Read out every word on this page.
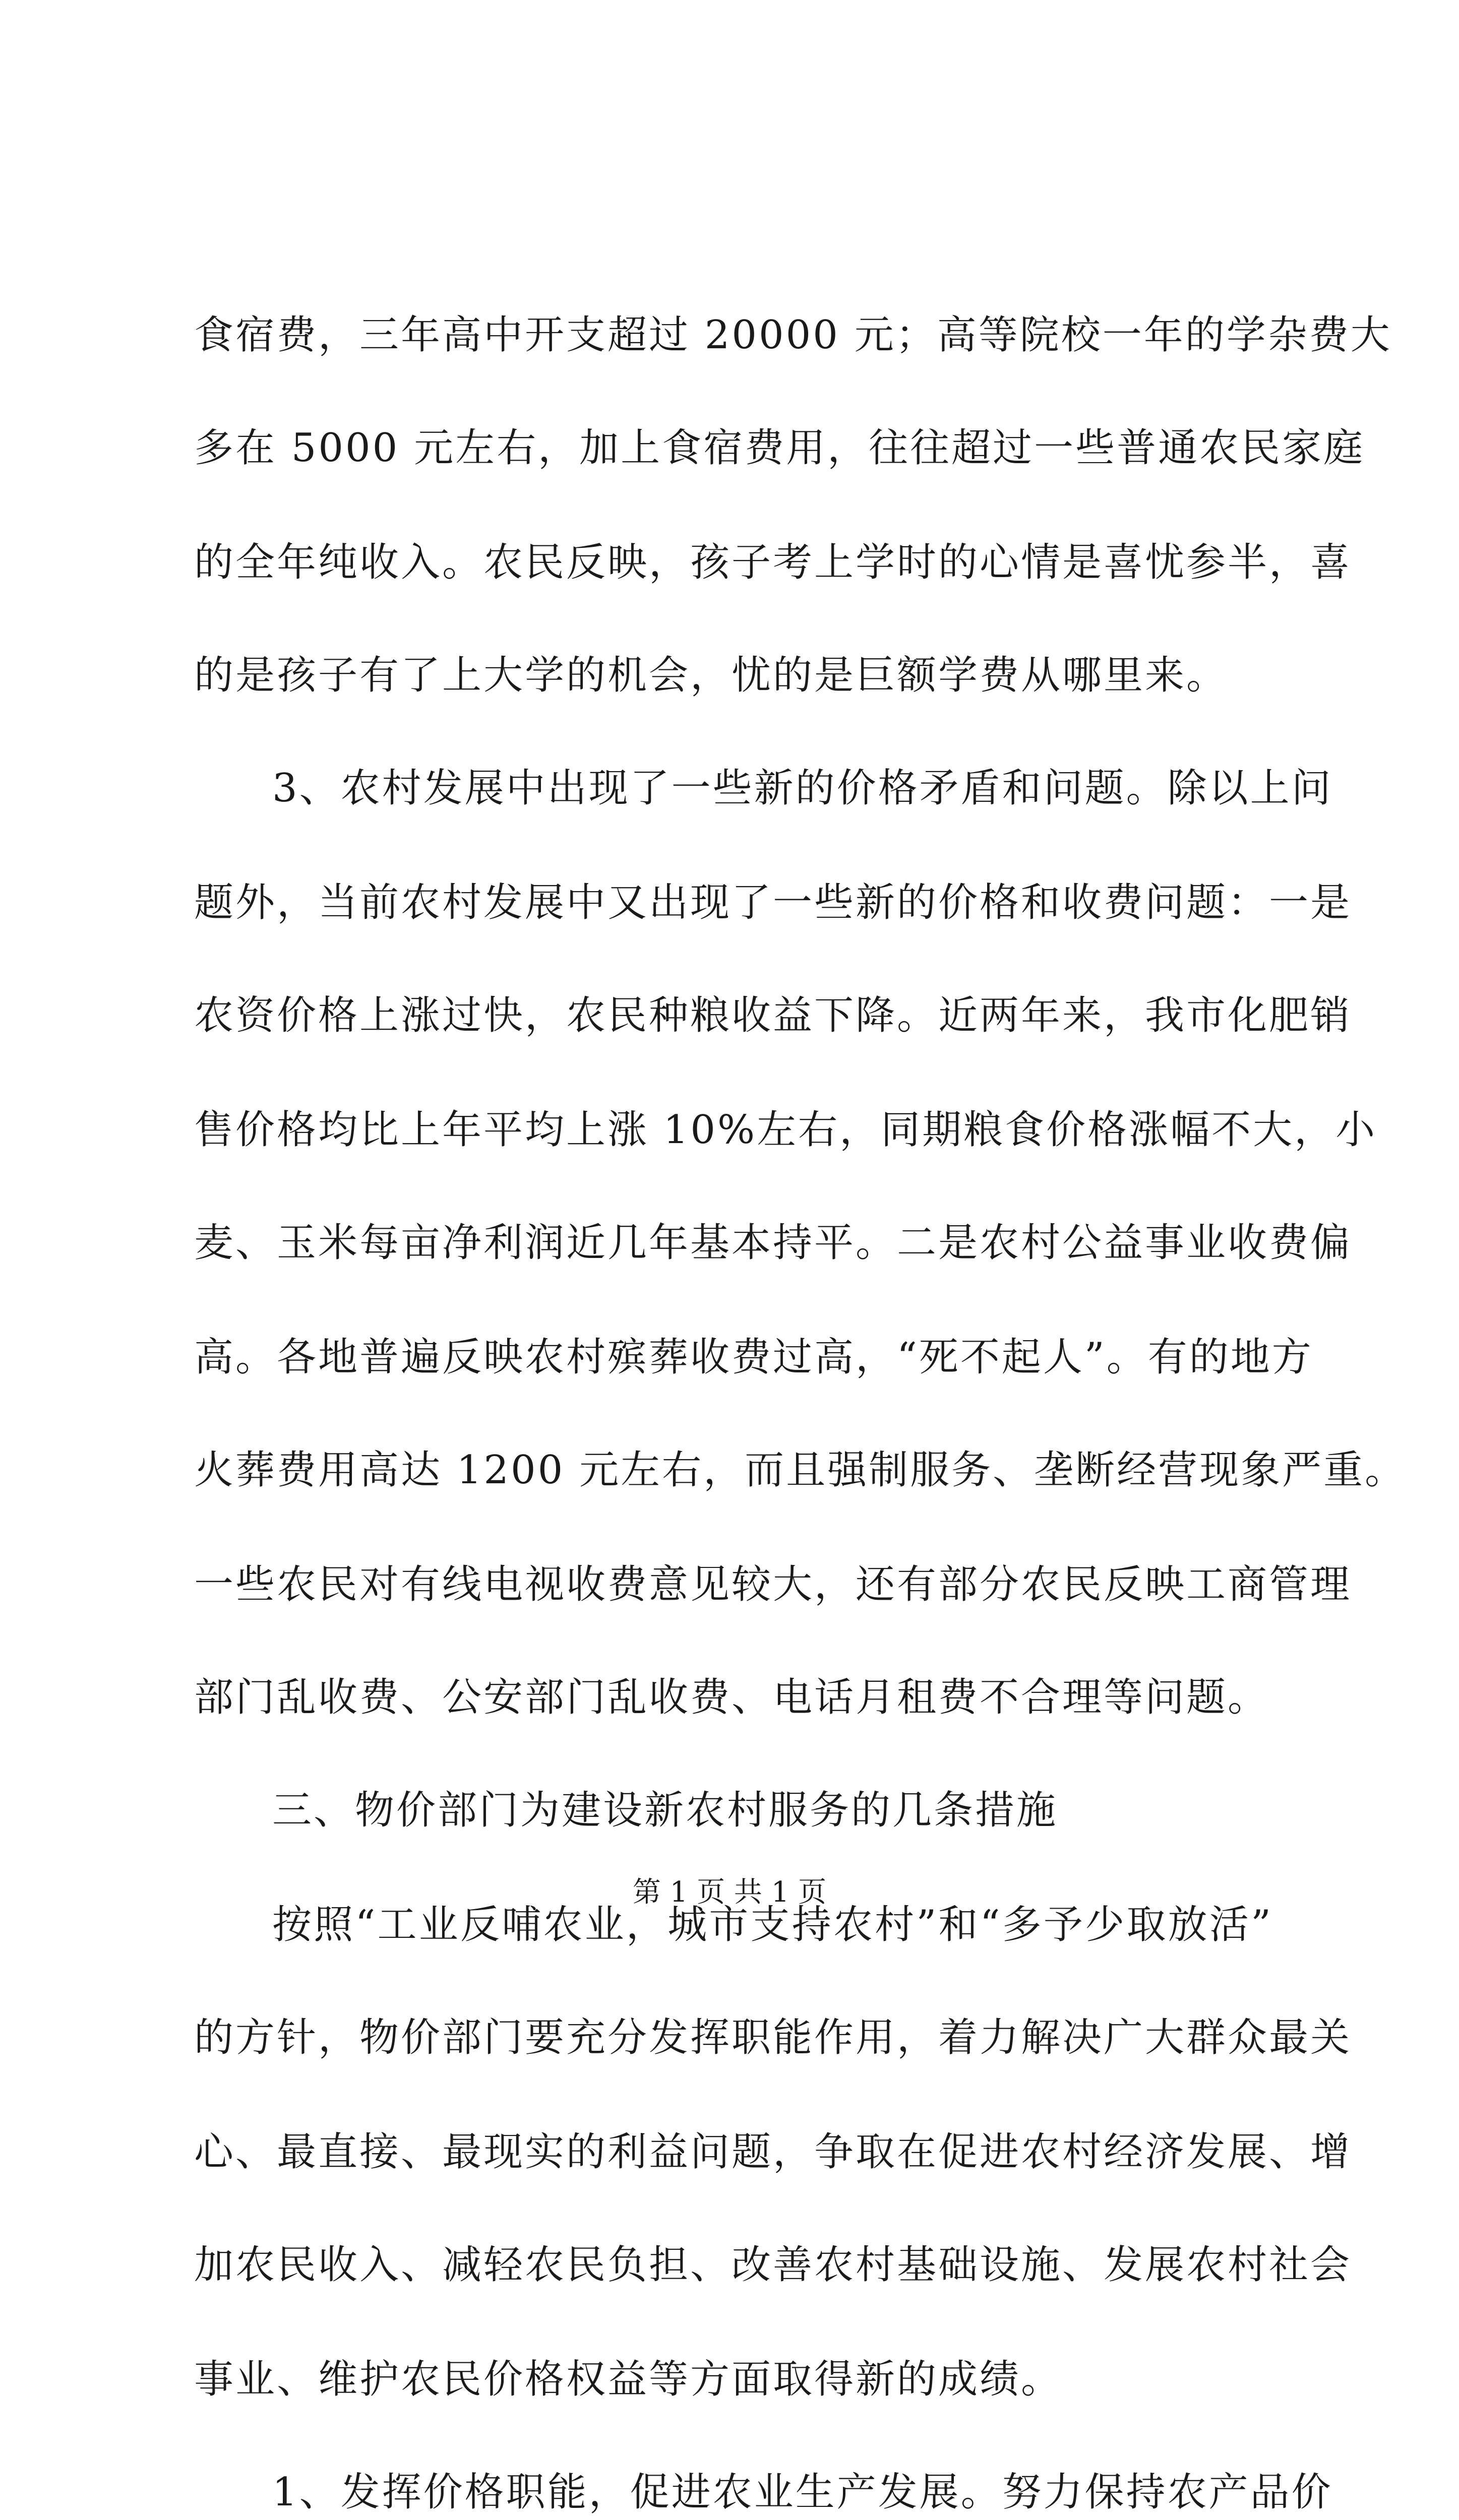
食宿费，三年高中开支超过 20000 元；高等院校一年的学杂费大
多在 5000 元左右，加上食宿费用，往往超过一些普通农民家庭
的全年纯收入。农民反映，孩子考上学时的心情是喜忧参半，喜
的是孩子有了上大学的机会，忧的是巨额学费从哪里来。
3、农村发展中出现了一些新的价格矛盾和问题。除以上问
题外，当前农村发展中又出现了一些新的价格和收费问题：一是
农资价格上涨过快，农民种粮收益下降。近两年来，我市化肥销
售价格均比上年平均上涨 10%左右，同期粮食价格涨幅不大，小
麦、玉米每亩净利润近几年基本持平。二是农村公益事业收费偏
高。各地普遍反映农村殡葬收费过高，“死不起人”。有的地方
火葬费用高达 1200 元左右，而且强制服务、垄断经营现象严重。
一些农民对有线电视收费意见较大，还有部分农民反映工商管理
部门乱收费、公安部门乱收费、电话月租费不合理等问题。
三、物价部门为建设新农村服务的几条措施
按照“工业反哺农业，城市支持农村”和“多予少取放活”
的方针，物价部门要充分发挥职能作用，着力解决广大群众最关
心、最直接、最现实的利益问题，争取在促进农村经济发展、增
加农民收入、减轻农民负担、改善农村基础设施、发展农村社会
事业、维护农民价格权益等方面取得新的成绩。
1、发挥价格职能，促进农业生产发展。努力保持农产品价
第 1 页 共 1 页
